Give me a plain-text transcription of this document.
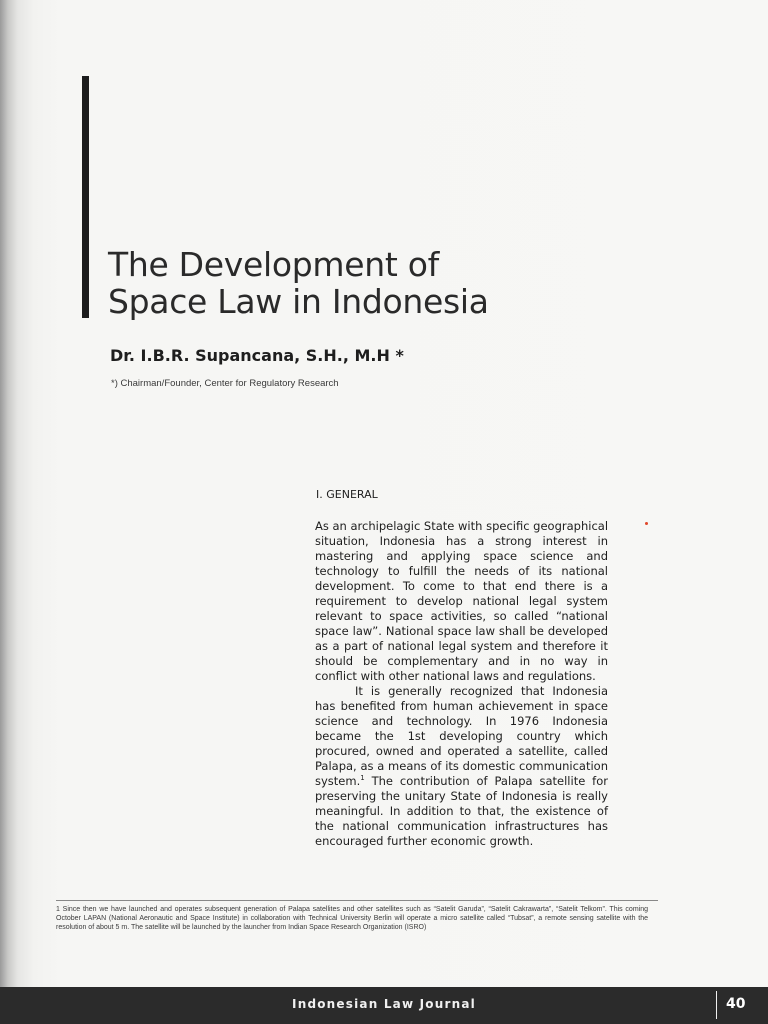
The Development of
Space Law in Indonesia
Dr. I.B.R. Supancana, S.H., M.H *
*) Chairman/Founder, Center for Regulatory Research
I. GENERAL

As an archipelagic State with specific geographical situation, Indonesia has a strong interest in mastering and applying space science and technology to fulfill the needs of its national development. To come to that end there is a requirement to develop national legal system relevant to space activities, so called “national space law”. National space law shall be developed as a part of national legal system and therefore it should be complementary and in no way in conflict with other national laws and regulations.

It is generally recognized that Indonesia has benefited from human achievement in space science and technology. In 1976 Indonesia became the 1st developing country which procured, owned and operated a satellite, called Palapa, as a means of its domestic communication system.$^1$ The contribution of Palapa satellite for preserving the unitary State of Indonesia is really meaningful. In addition to that, the existence of the national communication infrastructures has encouraged further economic growth.

1 Since then we have launched and operates subsequent generation of Palapa satellites and other satellites such as “Satelit Garuda”, “Satelit Cakrawarta”, “Satelit Telkom”. This coming October LAPAN (National Aeronautic and Space Institute) in collaboration with Technical University Berlin will operate a micro satellite called “Tubsat”, a remote sensing satellite with the resolution of about 5 m. The satellite will be launched by the launcher from Indian Space Research Organization (ISRO)
Indonesian Law Journal	40
